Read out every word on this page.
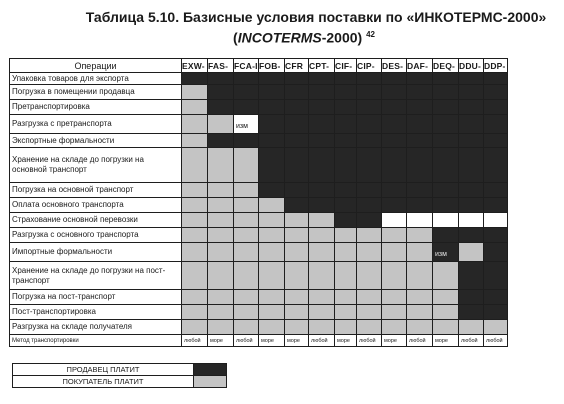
Таблица 5.10. Базисные условия поставки по «ИНКОТЕРМС-2000»
(INCOTERMS-2000) $^{42}$
Операции	EXW-	FAS-	FCA-I	FOB-	CFR	CPT-	CIF-	CIP-	DES-	DAF-	DEQ-	DDU-	DDP-
Упаковка товаров для экспорта													
Погрузка в помещении продавца													
Претранспортировка													
Разгрузка с претранспорта			изм										
Экспортные формальности													
Хранение на складе до погрузки на основной транспорт													
Погрузка на основной транспорт													
Оплата основного транспорта													
Страхование основной перевозки													
Разгрузка с основного транспорта													
Импортные формальности											изм		
Хранение на складе до погрузки на пост-транспорт													
Погрузка на пост-транспорт													
Пост-транспортировка													
Разгрузка на складе получателя													
Метод транспортировки	любой	море	любой	море	море	любой	море	любой	море	любой	море	любой	любой
ПРОДАВЕЦ ПЛАТИТ	
ПОКУПАТЕЛЬ ПЛАТИТ	
